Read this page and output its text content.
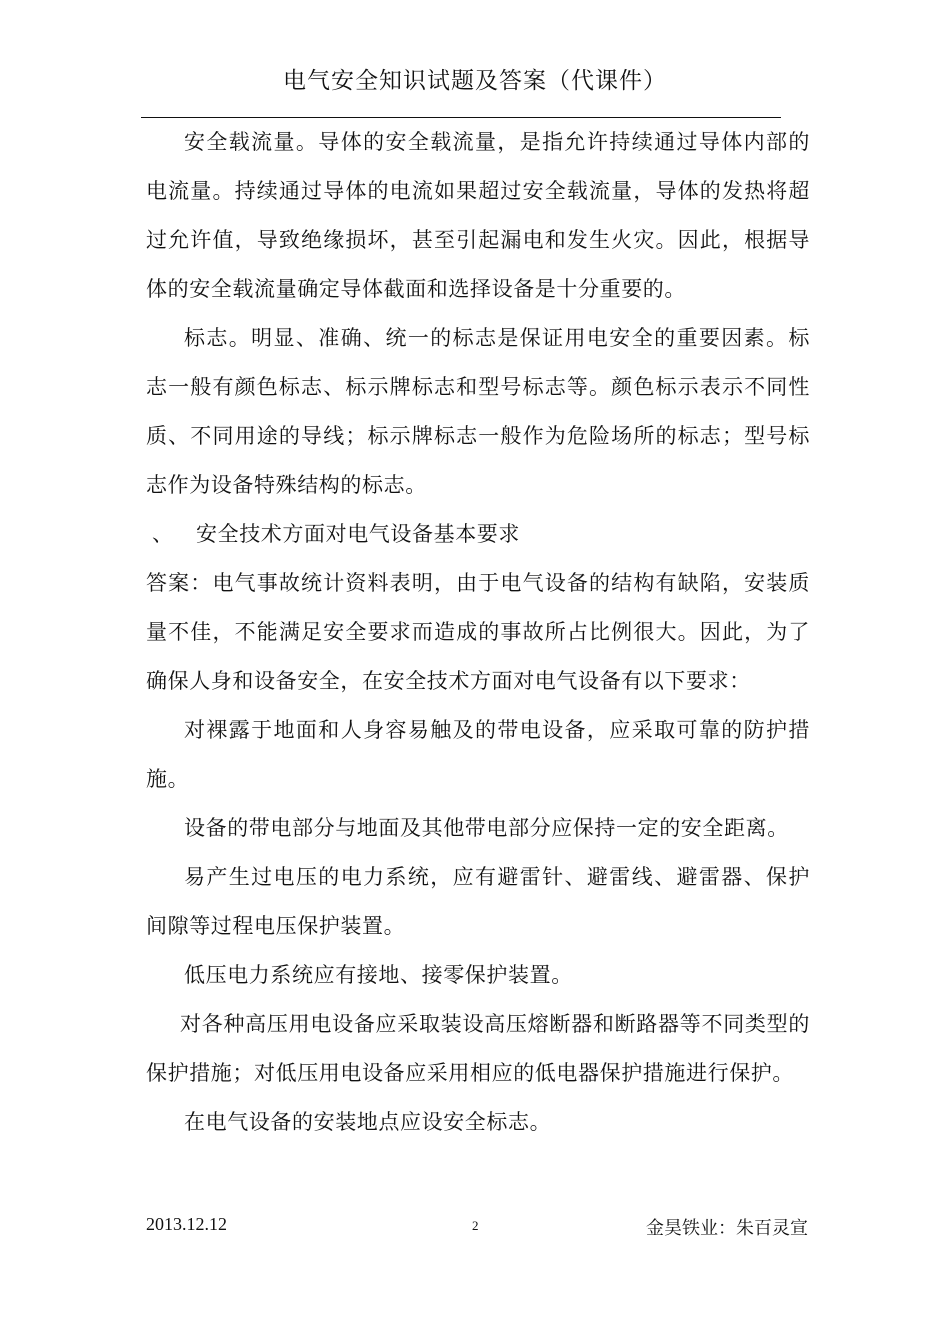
电气安全知识试题及答案（代课件）

安全载流量。导体的安全载流量，是指允许持续通过导体内部的电流量。持续通过导体的电流如果超过安全载流量，导体的发热将超过允许值，导致绝缘损坏，甚至引起漏电和发生火灾。因此，根据导体的安全载流量确定导体截面和选择设备是十分重要的。

标志。明显、准确、统一的标志是保证用电安全的重要因素。标志一般有颜色标志、标示牌标志和型号标志等。颜色标示表示不同性质、不同用途的导线；标示牌标志一般作为危险场所的标志；型号标志作为设备特殊结构的标志。

、 安全技术方面对电气设备基本要求

答案：电气事故统计资料表明，由于电气设备的结构有缺陷，安装质量不佳，不能满足安全要求而造成的事故所占比例很大。因此，为了确保人身和设备安全，在安全技术方面对电气设备有以下要求：

对裸露于地面和人身容易触及的带电设备，应采取可靠的防护措施。

设备的带电部分与地面及其他带电部分应保持一定的安全距离。

易产生过电压的电力系统，应有避雷针、避雷线、避雷器、保护间隙等过程电压保护装置。

低压电力系统应有接地、接零保护装置。

对各种高压用电设备应采取装设高压熔断器和断路器等不同类型的保护措施；对低压用电设备应采用相应的低电器保护措施进行保护。

在电气设备的安装地点应设安全标志。

2013.12.12	2	金昊铁业：朱百灵宣
